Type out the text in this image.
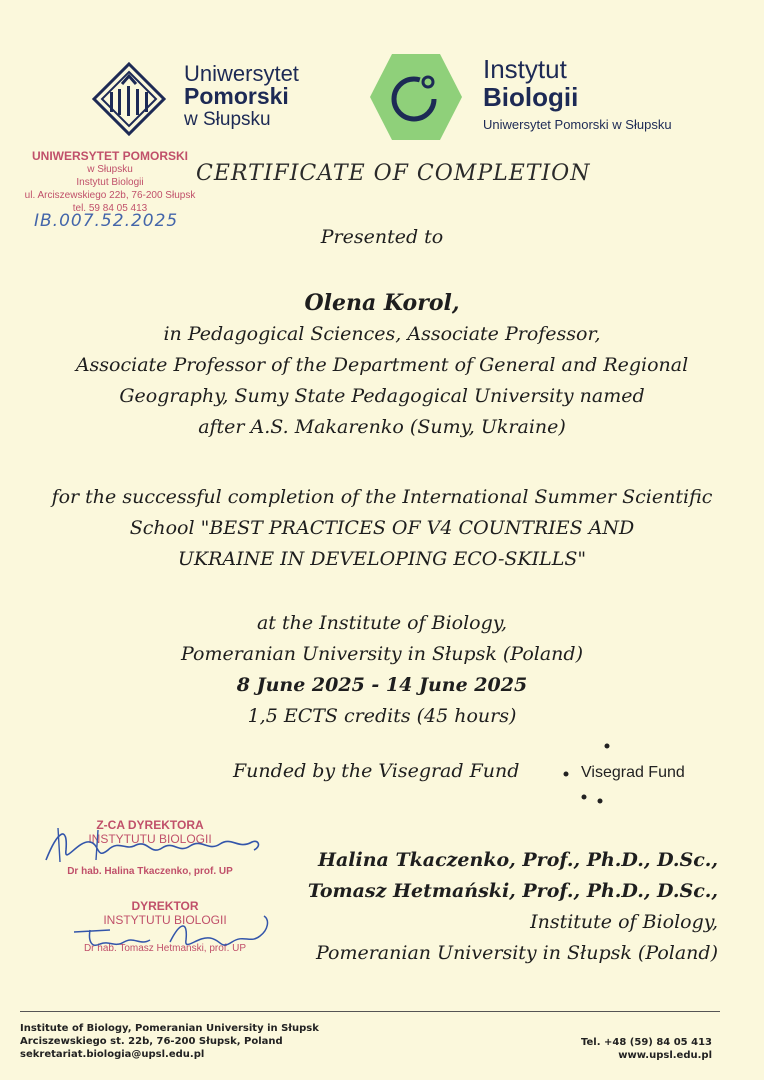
Uniwersytet
Pomorski
w Słupsku
Instytut
Biologii
Uniwersytet Pomorski w Słupsku
UNIWERSYTET POMORSKI
w Słupsku
Instytut Biologii
ul. Arciszewskiego 22b, 76-200 Słupsk
tel. 59 84 05 413
IB.007.52.2025
CERTIFICATE OF COMPLETION
Presented to
Olena Korol,
in Pedagogical Sciences, Associate Professor,
Associate Professor of the Department of General and Regional
Geography, Sumy State Pedagogical University named
after A.S. Makarenko (Sumy, Ukraine)
for the successful completion of the International Summer Scientific
School "BEST PRACTICES OF V4 COUNTRIES AND
UKRAINE IN DEVELOPING ECO-SKILLS"
at the Institute of Biology,
Pomeranian University in Słupsk (Poland)
8 June 2025 - 14 June 2025
1,5 ECTS credits (45 hours)
Funded by the Visegrad Fund	Visegrad Fund
Z-CA DYREKTORA
INSTYTUTU BIOLOGII
Dr hab. Halina Tkaczenko, prof. UP
DYREKTOR
INSTYTUTU BIOLOGII
Dr hab. Tomasz Hetmański, prof. UP
Halina Tkaczenko, Prof., Ph.D., D.Sc.,
Tomasz Hetmański, Prof., Ph.D., D.Sc.,
Institute of Biology,
Pomeranian University in Słupsk (Poland)
Institute of Biology, Pomeranian University in Słupsk
Arciszewskiego st. 22b, 76-200 Słupsk, Poland
sekretariat.biologia@upsl.edu.pl
Tel. +48 (59) 84 05 413
www.upsl.edu.pl
